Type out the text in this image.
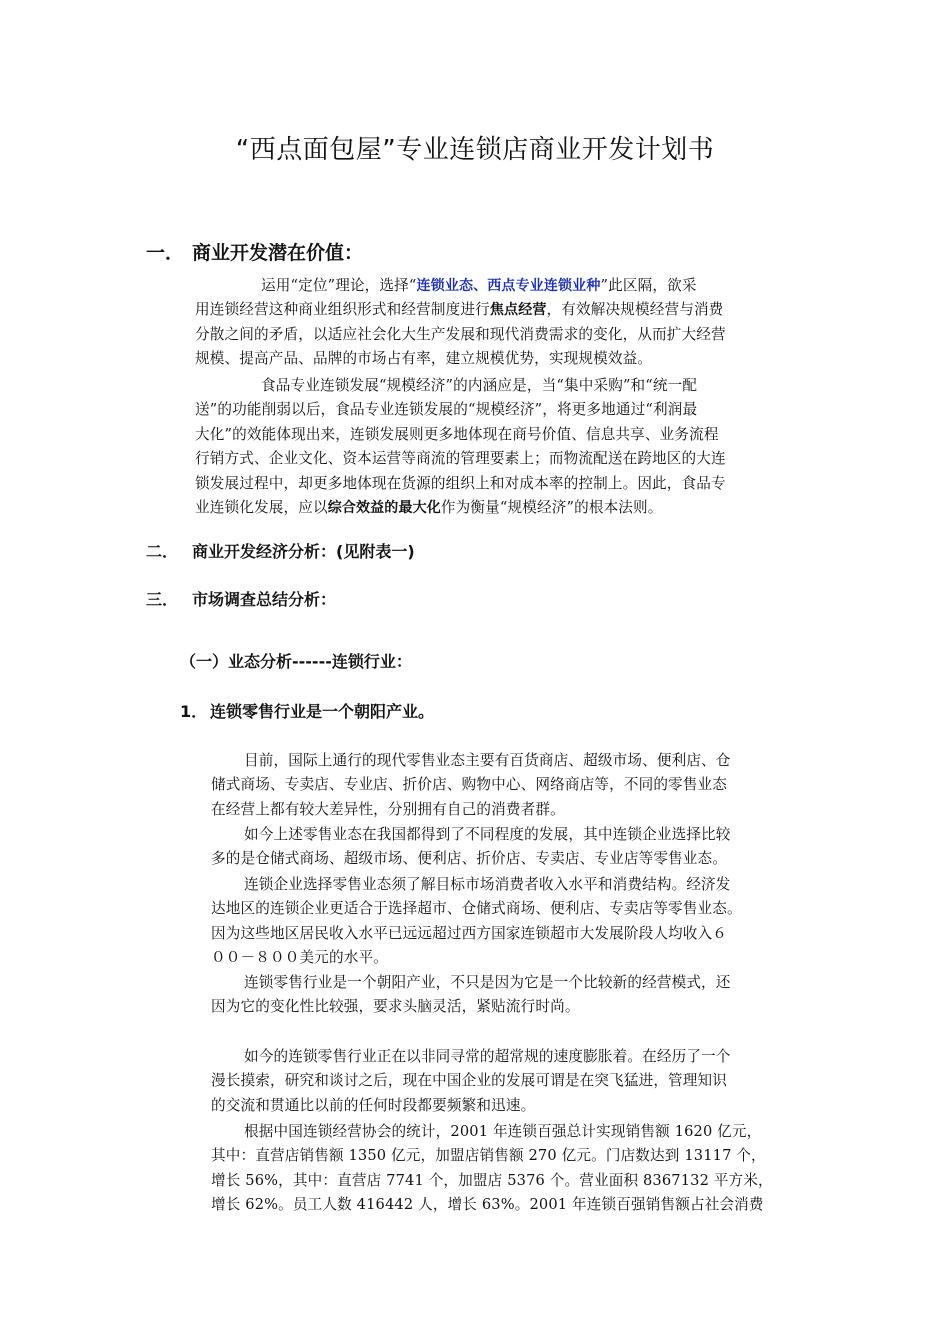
“西点面包屋”专业连锁店商业开发计划书
一． 商业开发潜在价值：
运用“定位”理论，选择“连锁业态、西点专业连锁业种”此区隔，欲采
用连锁经营这种商业组织形式和经营制度进行焦点经营，有效解决规模经营与消费
分散之间的矛盾，以适应社会化大生产发展和现代消费需求的变化，从而扩大经营
规模、提高产品、品牌的市场占有率，建立规模优势，实现规模效益。
食品专业连锁发展“规模经济”的内涵应是，当“集中采购”和“统一配
送”的功能削弱以后，食品专业连锁发展的“规模经济”，将更多地通过“利润最
大化”的效能体现出来，连锁发展则更多地体现在商号价值、信息共享、业务流程
行销方式、企业文化、资本运营等商流的管理要素上；而物流配送在跨地区的大连
锁发展过程中，却更多地体现在货源的组织上和对成本率的控制上。因此，食品专
业连锁化发展，应以综合效益的最大化作为衡量“规模经济”的根本法则。
二． 商业开发经济分析：(见附表一)
三． 市场调查总结分析：
（一）业态分析------连锁行业：
1． 连锁零售行业是一个朝阳产业。
目前，国际上通行的现代零售业态主要有百货商店、超级市场、便利店、仓
储式商场、专卖店、专业店、折价店、购物中心、网络商店等，不同的零售业态
在经营上都有较大差异性，分别拥有自己的消费者群。
如今上述零售业态在我国都得到了不同程度的发展，其中连锁企业选择比较
多的是仓储式商场、超级市场、便利店、折价店、专卖店、专业店等零售业态。
连锁企业选择零售业态须了解目标市场消费者收入水平和消费结构。经济发
达地区的连锁企业更适合于选择超市、仓储式商场、便利店、专卖店等零售业态。
因为这些地区居民收入水平已远远超过西方国家连锁超市大发展阶段人均收入６
００－８００美元的水平。
连锁零售行业是一个朝阳产业，不只是因为它是一个比较新的经营模式，还
因为它的变化性比较强，要求头脑灵活，紧贴流行时尚。
如今的连锁零售行业正在以非同寻常的超常规的速度膨胀着。在经历了一个
漫长摸索，研究和谈讨之后，现在中国企业的发展可谓是在突飞猛进，管理知识
的交流和贯通比以前的任何时段都要频繁和迅速。
根据中国连锁经营协会的统计，2001 年连锁百强总计实现销售额 1620 亿元，
其中：直营店销售额 1350 亿元，加盟店销售额 270 亿元。门店数达到 13117 个，
增长 56%，其中：直营店 7741 个，加盟店 5376 个。营业面积 8367132 平方米，
增长 62%。员工人数 416442 人，增长 63%。2001 年连锁百强销售额占社会消费
